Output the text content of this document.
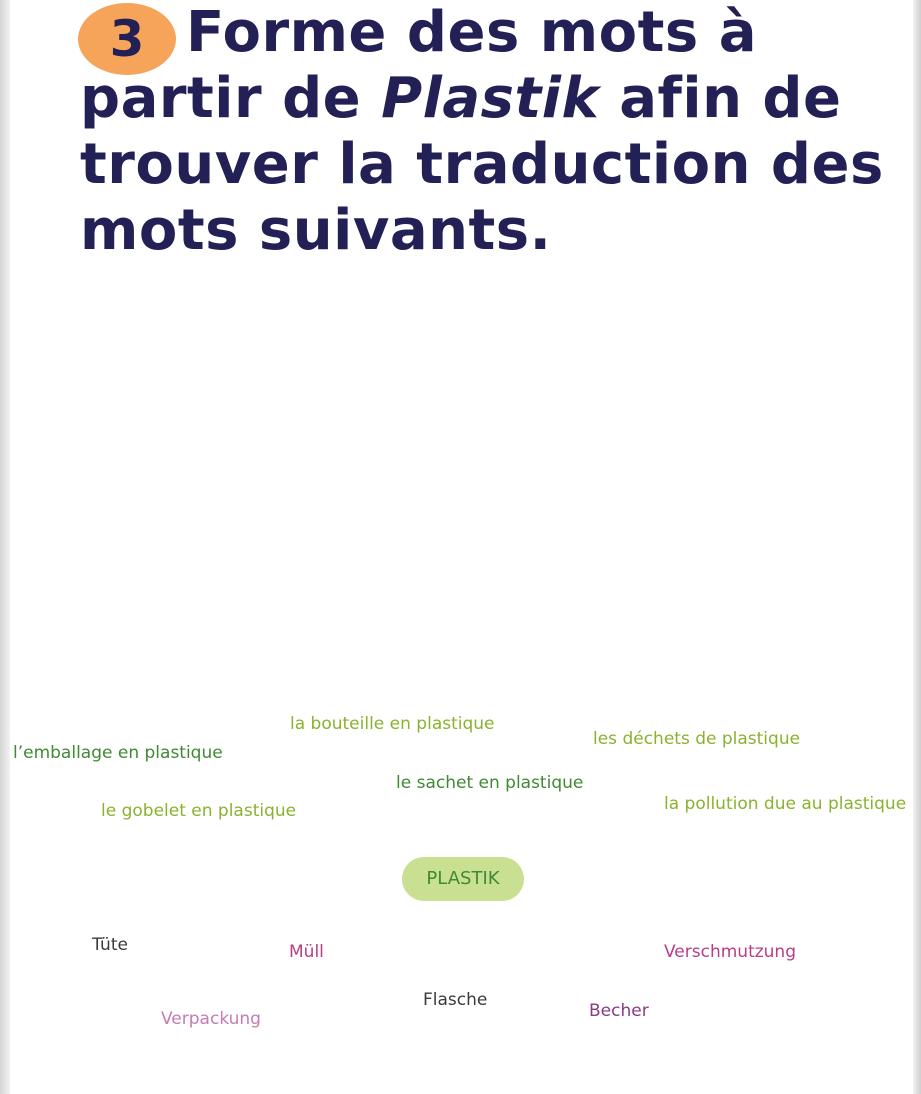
3 Forme des mots à
partir de Plastik afin de
trouver la traduction des
mots suivants.
la bouteille en plastique
les déchets de plastique
l’emballage en plastique
le sachet en plastique
le gobelet en plastique	la pollution due au plastique
PLASTIK
Tüte	Müll	Verschmutzung
Flasche
Becher
Verpackung
